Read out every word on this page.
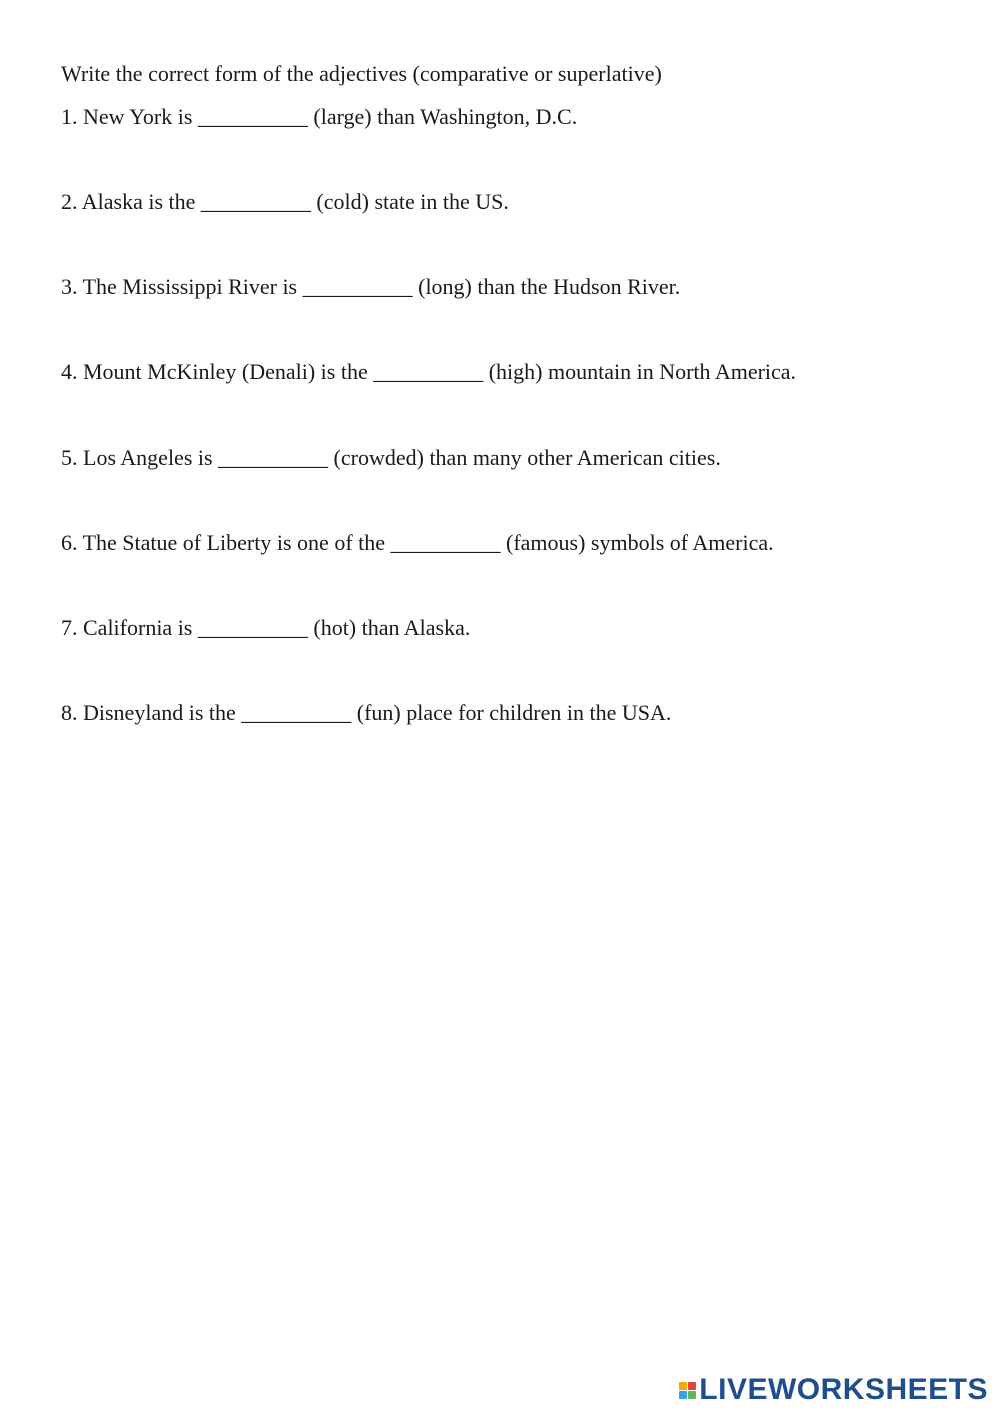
Write the correct form of the adjectives (comparative or superlative)
1. New York is __________ (large) than Washington, D.C.
2. Alaska is the __________ (cold) state in the US.
3. The Mississippi River is __________ (long) than the Hudson River.
4. Mount McKinley (Denali) is the __________ (high) mountain in North America.
5. Los Angeles is __________ (crowded) than many other American cities.
6. The Statue of Liberty is one of the __________ (famous) symbols of America.
7. California is __________ (hot) than Alaska.
8. Disneyland is the __________ (fun) place for children in the USA.
LIVEWORKSHEETS
